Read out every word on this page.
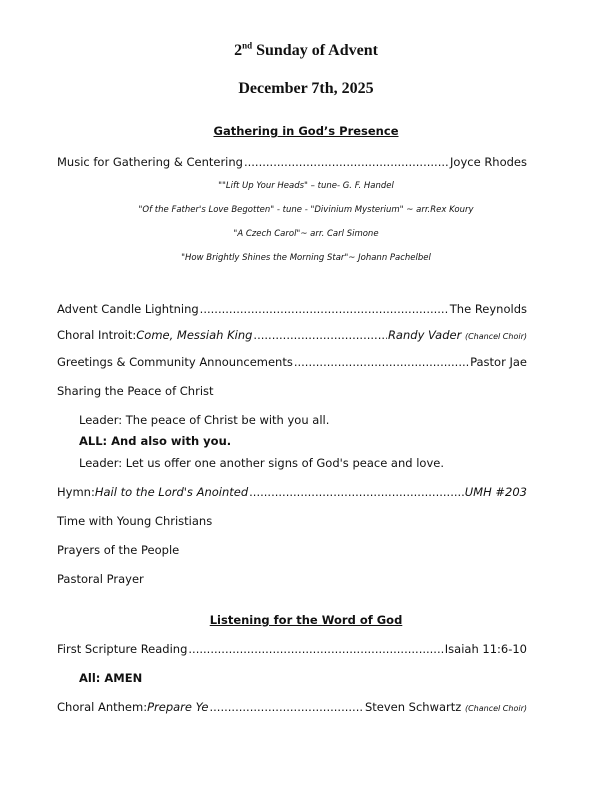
2nd Sunday of Advent
December 7th, 2025
Gathering in God’s Presence
Music for Gathering & Centering .....	Joyce Rhodes
""Lift Up Your Heads" – tune- G. F. Handel
"Of the Father's Love Begotten" - tune - "Divinium Mysterium" ~ arr.Rex Koury
"A Czech Carol"~ arr. Carl Simone
"How Brightly Shines the Morning Star"~ Johann Pachelbel
Advent Candle Lightning .....	The Reynolds
Choral Introit: Come, Messiah King .....	Randy Vader (Chancel Choir)
Greetings & Community Announcements .....	Pastor Jae
Sharing the Peace of Christ
Leader: The peace of Christ be with you all.
ALL: And also with you.
Leader: Let us offer one another signs of God's peace and love.
Hymn: Hail to the Lord's Anointed .....	UMH #203
Time with Young Christians
Prayers of the People
Pastoral Prayer
Listening for the Word of God
First Scripture Reading .....	Isaiah 11:6-10
All: AMEN
Choral Anthem: Prepare Ye .....	Steven Schwartz (Chancel Choir)
